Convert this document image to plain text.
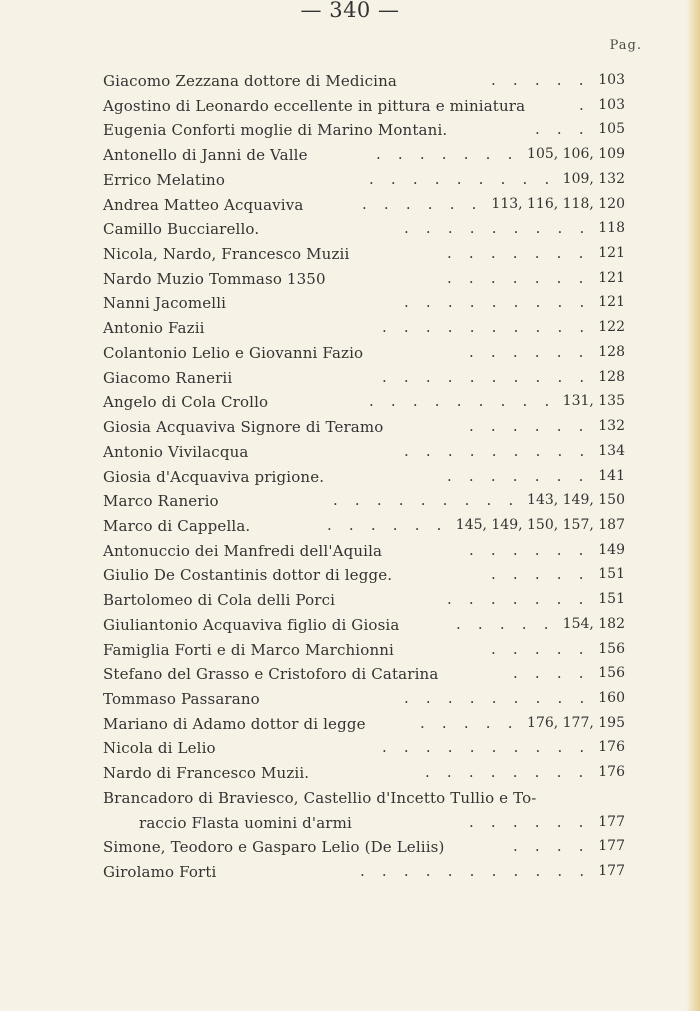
— 340 —
Pag.
Giacomo Zezzana dottore di Medicina	. . . . . 103
Agostino di Leonardo eccellente in pittura e miniatura	. 103
Eugenia Conforti moglie di Marino Montani.	. . . 105
Antonello di Janni de Valle	. . . . . . . 105, 106, 109
Errico Melatino	. . . . . . . . . 109, 132
Andrea Matteo Acquaviva	. . . . . . 113, 116, 118, 120
Camillo Bucciarello.	. . . . . . . . . 118
Nicola, Nardo, Francesco Muzii	. . . . . . . 121
Nardo Muzio Tommaso 1350	. . . . . . . 121
Nanni Jacomelli	. . . . . . . . . 121
Antonio Fazii	. . . . . . . . . . 122
Colantonio Lelio e Giovanni Fazio	. . . . . . 128
Giacomo Ranerii	. . . . . . . . . . 128
Angelo di Cola Crollo	. . . . . . . . . 131, 135
Giosia Acquaviva Signore di Teramo	. . . . . . 132
Antonio Vivilacqua	. . . . . . . . . 134
Giosia d'Acquaviva prigione.	. . . . . . . 141
Marco Ranerio	. . . . . . . . . 143, 149, 150
Marco di Cappella.	. . . . . . 145, 149, 150, 157, 187
Antonuccio dei Manfredi dell'Aquila	. . . . . . 149
Giulio De Costantinis dottor di legge.	. . . . . 151
Bartolomeo di Cola delli Porci	. . . . . . . 151
Giuliantonio Acquaviva figlio di Giosia	. . . . . 154, 182
Famiglia Forti e di Marco Marchionni	. . . . . 156
Stefano del Grasso e Cristoforo di Catarina	. . . . 156
Tommaso Passarano	. . . . . . . . . 160
Mariano di Adamo dottor di legge	. . . . . 176, 177, 195
Nicola di Lelio	. . . . . . . . . . 176
Nardo di Francesco Muzii.	. . . . . . . . 176
Brancadoro di Braviesco, Castellio d'Incetto Tullio e To-
raccio Flasta uomini d'armi	. . . . . . 177
Simone, Teodoro e Gasparo Lelio (De Leliis)	. . . . 177
Girolamo Forti	. . . . . . . . . . . 177
